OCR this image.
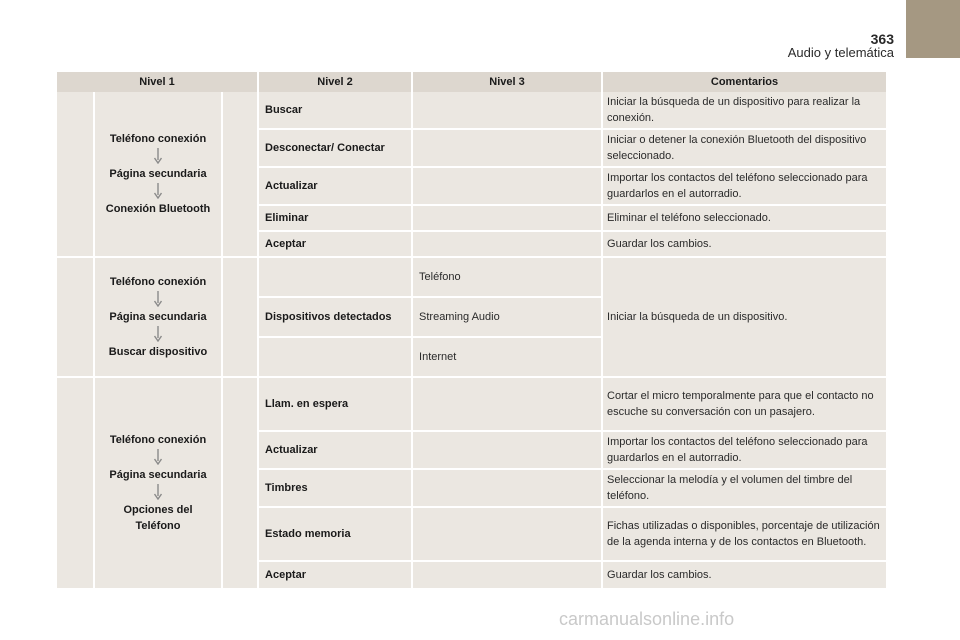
363
Audio y telemática
Nivel 1			Nivel 2	Nivel 3	Comentarios

	Teléfono conexión
Página secundaria
Conexión Bluetooth		Buscar		Iniciar la búsqueda de un dispositivo para realizar la conexión.
			Desconectar/ Conectar		Iniciar o detener la conexión Bluetooth del dispositivo seleccionado.
			Actualizar		Importar los contactos del teléfono seleccionado para guardarlos en el autorradio.
			Eliminar		Eliminar el teléfono seleccionado.
			Aceptar		Guardar los cambios.

	Teléfono conexión
Página secundaria
Buscar dispositivo			Teléfono	Iniciar la búsqueda de un dispositivo.
			Dispositivos detectados	Streaming Audio	
				Internet	

	Teléfono conexión
Página secundaria
Opciones del Teléfono		Llam. en espera		Cortar el micro temporalmente para que el contacto no escuche su conversación con un pasajero.
			Actualizar		Importar los contactos del teléfono seleccionado para guardarlos en el autorradio.
			Timbres		Seleccionar la melodía y el volumen del timbre del teléfono.
			Estado memoria		Fichas utilizadas o disponibles, porcentaje de utilización de la agenda interna y de los contactos en Bluetooth.
			Aceptar		Guardar los cambios.
carmanualsonline.info
